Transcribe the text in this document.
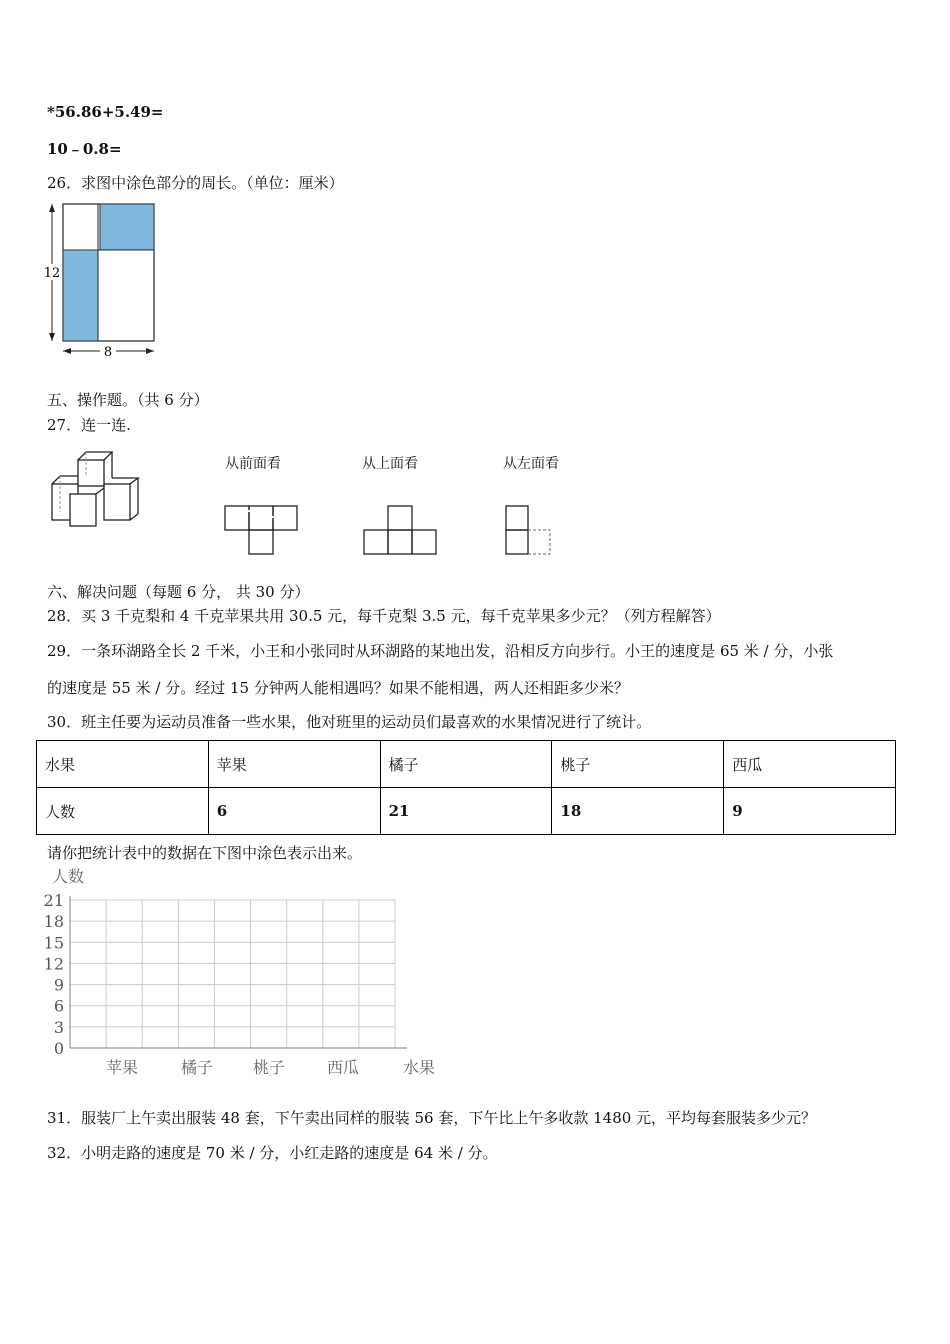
*56.86+5.49=
10﹣0.8=
26．求图中涂色部分的周长。（单位：厘米）
12
8
五、操作题。（共 6 分）
27．连一连.
从前面看	从上面看	从左面看
六、解决问题（每题 6 分， 共 30 分）
28．买 3 千克梨和 4 千克苹果共用 30.5 元，每千克梨 3.5 元，每千克苹果多少元？（列方程解答）
29．一条环湖路全长 2 千米，小王和小张同时从环湖路的某地出发，沿相反方向步行。小王的速度是 65 米 / 分，小张
的速度是 55 米 / 分。经过 15 分钟两人能相遇吗？如果不能相遇，两人还相距多少米？
30．班主任要为运动员准备一些水果，他对班里的运动员们最喜欢的水果情况进行了统计。
水果	苹果	橘子	桃子	西瓜
人数	6	21	18	9
请你把统计表中的数据在下图中涂色表示出来。
0
3
6
9
12
15
18
21
人数
水果
苹果	橘子 桃子	西瓜
31．服装厂上午卖出服装 48 套，下午卖出同样的服装 56 套，下午比上午多收款 1480 元，平均每套服装多少元？
32．小明走路的速度是 70 米 / 分，小红走路的速度是 64 米 / 分。
